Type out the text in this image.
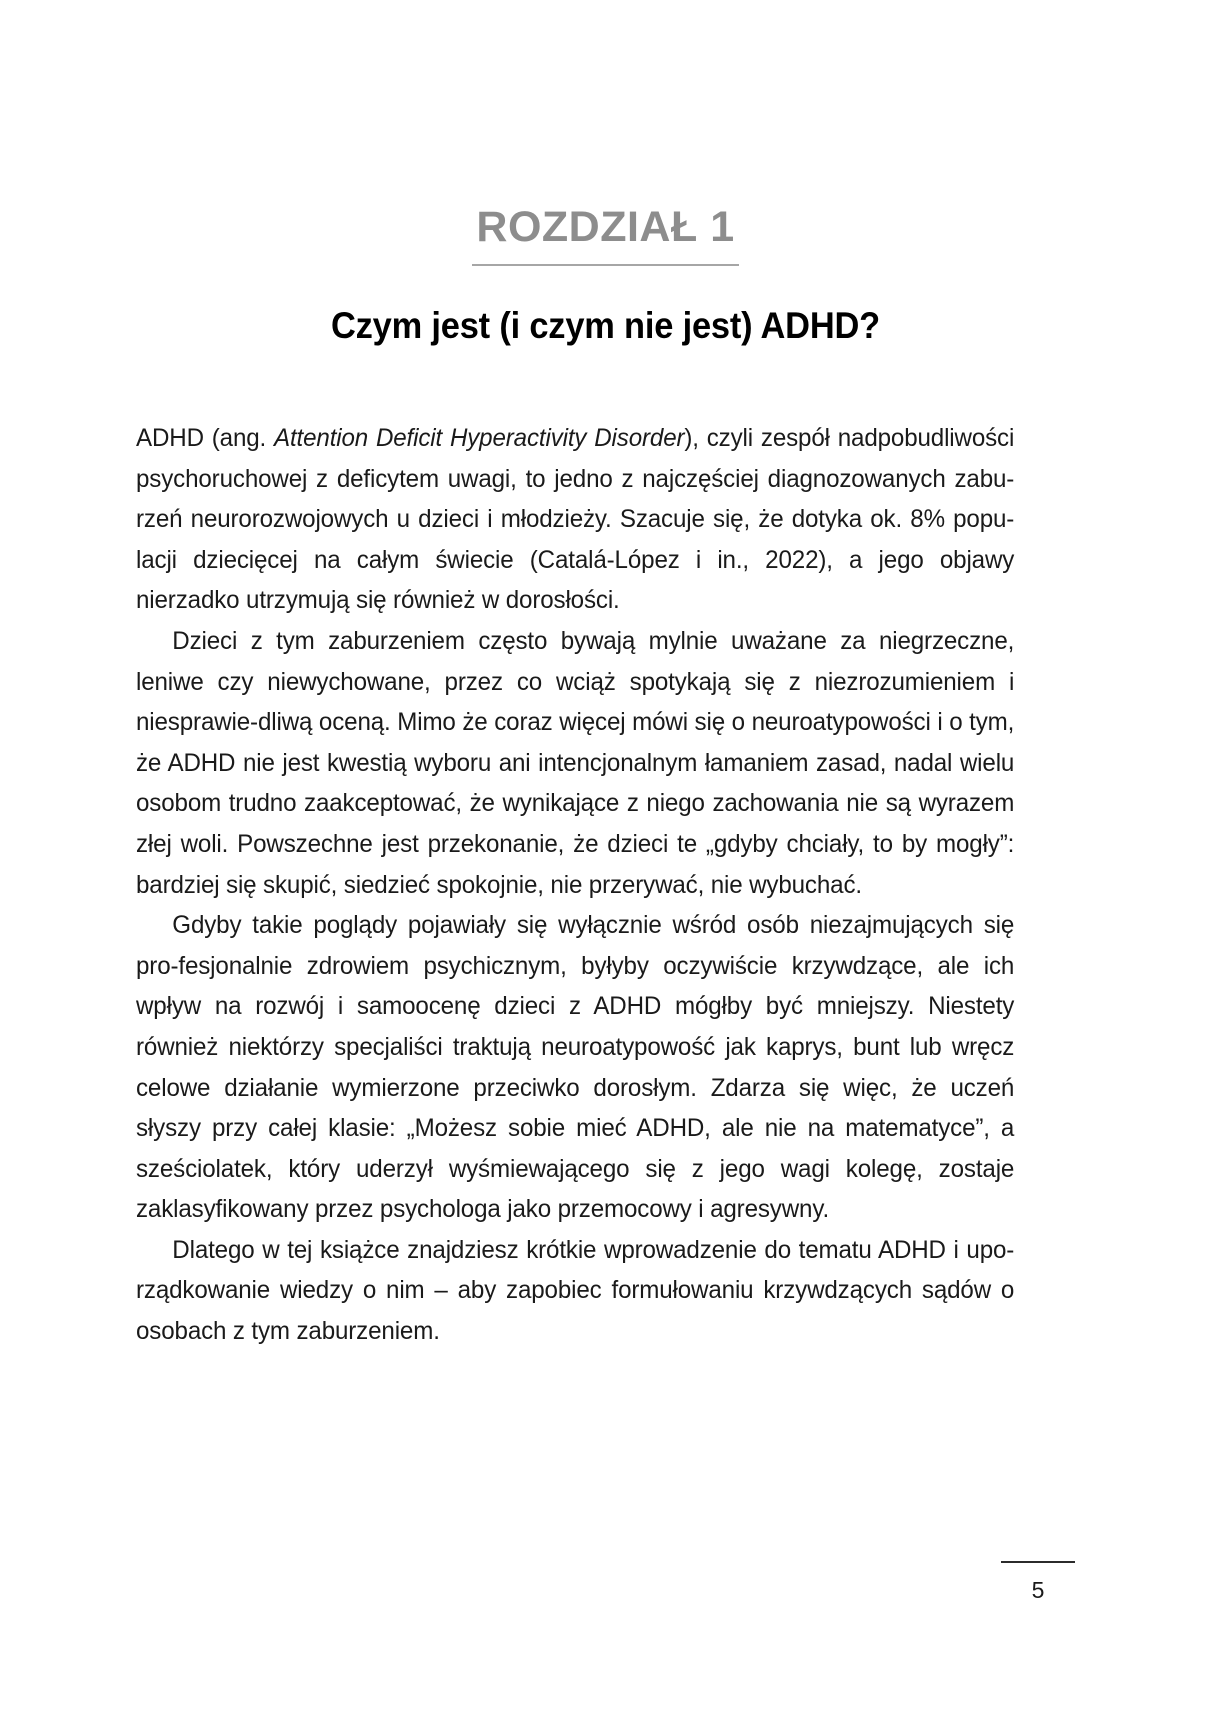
ROZDZIAŁ 1
Czym jest (i czym nie jest) ADHD?

ADHD (ang. Attention Deficit Hyperactivity Disorder), czyli zespół nadpobudliwości psychoruchowej z deficytem uwagi, to jedno z najczęściej diagnozowanych zabu-rzeń neurorozwojowych u dzieci i młodzieży. Szacuje się, że dotyka ok. 8% popu-lacji dziecięcej na całym świecie (Catalá-López i in., 2022), a jego objawy nierzadko utrzymują się również w dorosłości.

Dzieci z tym zaburzeniem często bywają mylnie uważane za niegrzeczne, leniwe czy niewychowane, przez co wciąż spotykają się z niezrozumieniem i niesprawie-dliwą oceną. Mimo że coraz więcej mówi się o neuroatypowości i o tym, że ADHD nie jest kwestią wyboru ani intencjonalnym łamaniem zasad, nadal wielu osobom trudno zaakceptować, że wynikające z niego zachowania nie są wyrazem złej woli. Powszechne jest przekonanie, że dzieci te „gdyby chciały, to by mogły”: bardziej się skupić, siedzieć spokojnie, nie przerywać, nie wybuchać.

Gdyby takie poglądy pojawiały się wyłącznie wśród osób niezajmujących się pro-fesjonalnie zdrowiem psychicznym, byłyby oczywiście krzywdzące, ale ich wpływ na rozwój i samoocenę dzieci z ADHD mógłby być mniejszy. Niestety również niektórzy specjaliści traktują neuroatypowość jak kaprys, bunt lub wręcz celowe działanie wymierzone przeciwko dorosłym. Zdarza się więc, że uczeń słyszy przy całej klasie: „Możesz sobie mieć ADHD, ale nie na matematyce”, a sześciolatek, który uderzył wyśmiewającego się z jego wagi kolegę, zostaje zaklasyfikowany przez psychologa jako przemocowy i agresywny.

Dlatego w tej książce znajdziesz krótkie wprowadzenie do tematu ADHD i upo-rządkowanie wiedzy o nim – aby zapobiec formułowaniu krzywdzących sądów o osobach z tym zaburzeniem.

5
